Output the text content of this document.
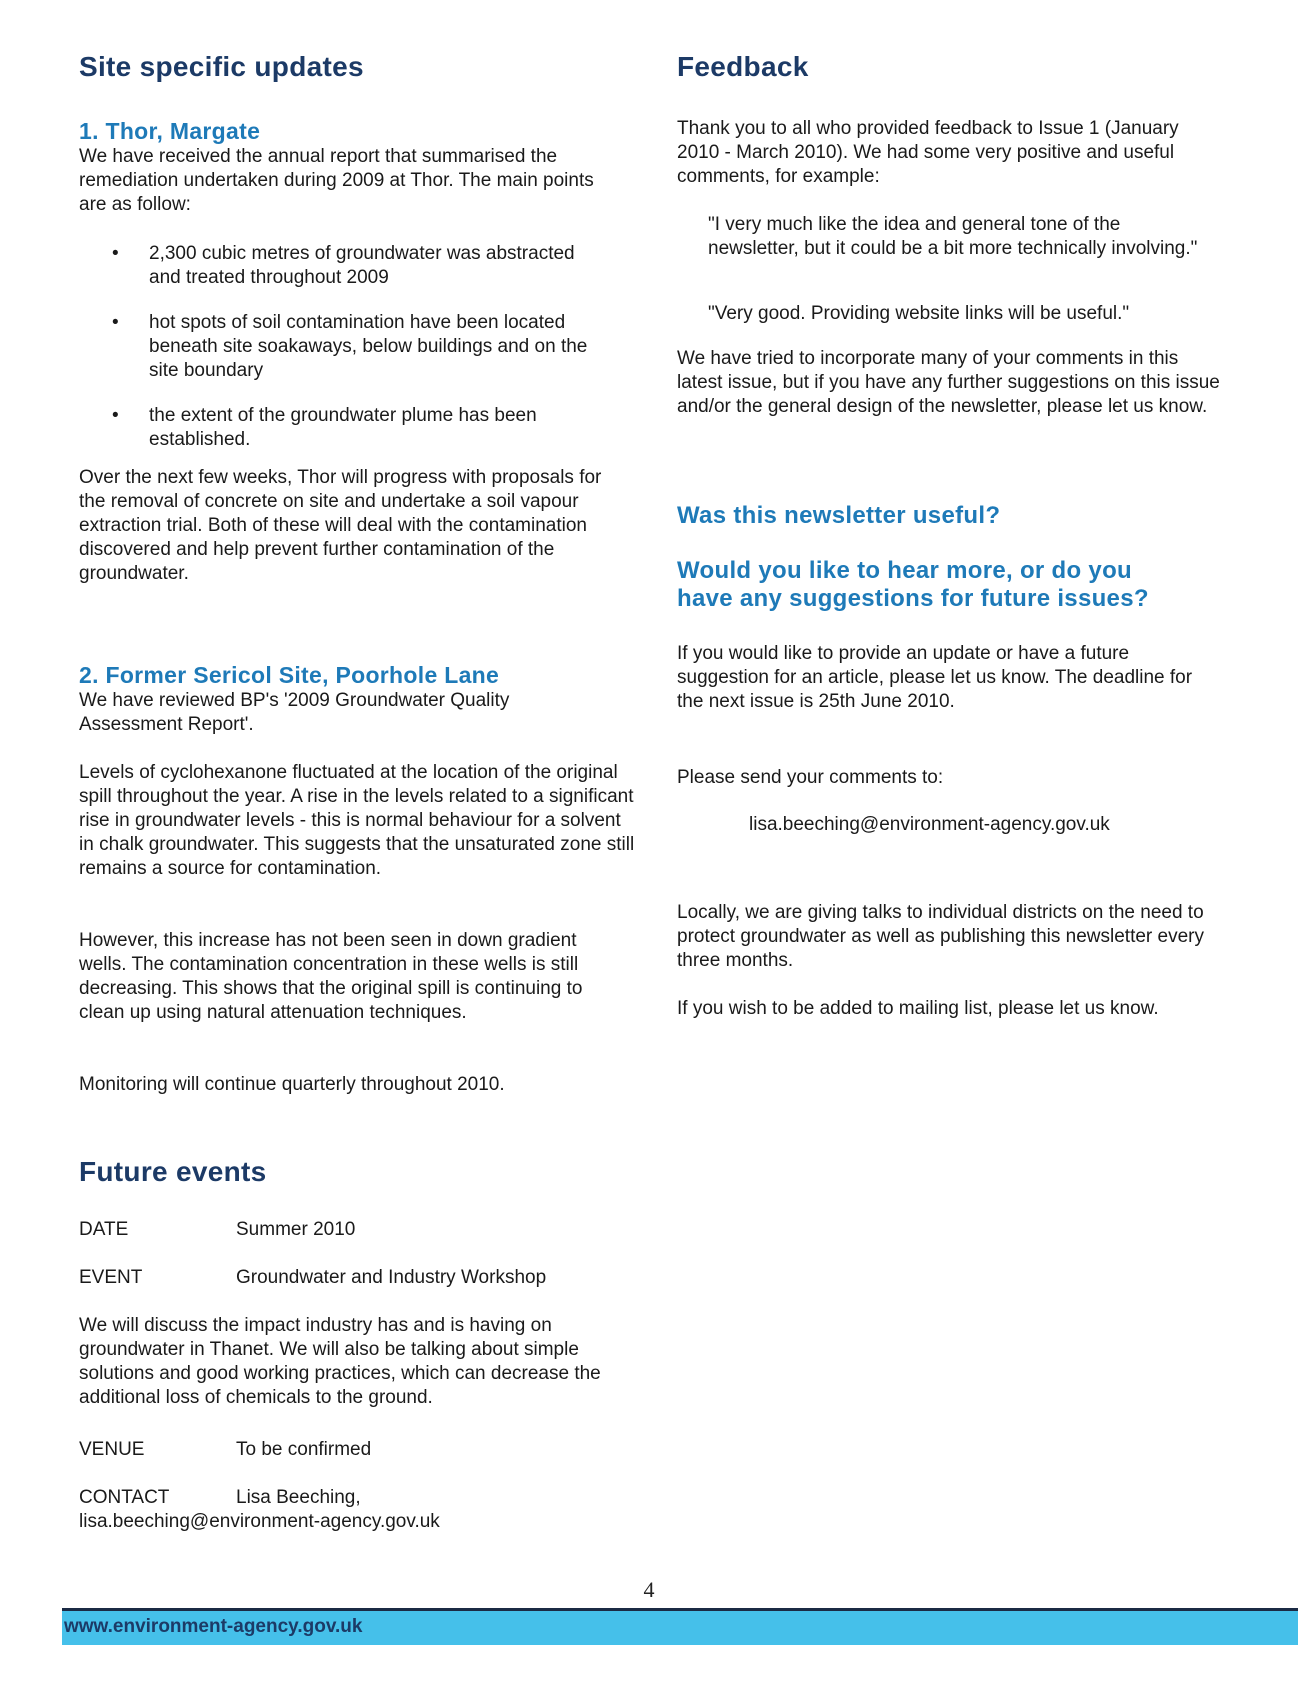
Site specific updates
1. Thor, Margate

We have received the annual report that summarised the remediation undertaken during 2009 at Thor. The main points are as follow:

• 2,300 cubic metres of groundwater was abstracted and treated throughout 2009
• hot spots of soil contamination have been located beneath site soakaways, below buildings and on the site boundary
• the extent of the groundwater plume has been established.

Over the next few weeks, Thor will progress with proposals for the removal of concrete on site and undertake a soil vapour extraction trial. Both of these will deal with the contamination discovered and help prevent further contamination of the groundwater.

2. Former Sericol Site, Poorhole Lane

We have reviewed BP's '2009 Groundwater Quality Assessment Report'.

Levels of cyclohexanone fluctuated at the location of the original spill throughout the year. A rise in the levels related to a significant rise in groundwater levels - this is normal behaviour for a solvent in chalk groundwater. This suggests that the unsaturated zone still remains a source for contamination.

However, this increase has not been seen in down gradient wells. The contamination concentration in these wells is still decreasing. This shows that the original spill is continuing to clean up using natural attenuation techniques.

Monitoring will continue quarterly throughout 2010.

Future events

DATE	Summer 2010

EVENT	Groundwater and Industry Workshop

We will discuss the impact industry has and is having on groundwater in Thanet. We will also be talking about simple solutions and good working practices, which can decrease the additional loss of chemicals to the ground.

VENUE	To be confirmed

CONTACT	Lisa Beeching,

lisa.beeching@environment-agency.gov.uk

Feedback

Thank you to all who provided feedback to Issue 1 (January 2010 - March 2010). We had some very positive and useful comments, for example:

"I very much like the idea and general tone of the newsletter, but it could be a bit more technically involving."

"Very good. Providing website links will be useful."

We have tried to incorporate many of your comments in this latest issue, but if you have any further suggestions on this issue and/or the general design of the newsletter, please let us know.

Was this newsletter useful?
Would you like to hear more, or do you
have any suggestions for future issues?

If you would like to provide an update or have a future suggestion for an article, please let us know. The deadline for the next issue is 25th June 2010.

Please send your comments to:

lisa.beeching@environment-agency.gov.uk

Locally, we are giving talks to individual districts on the need to protect groundwater as well as publishing this newsletter every three months.

If you wish to be added to mailing list, please let us know.

4
www.environment-agency.gov.uk
